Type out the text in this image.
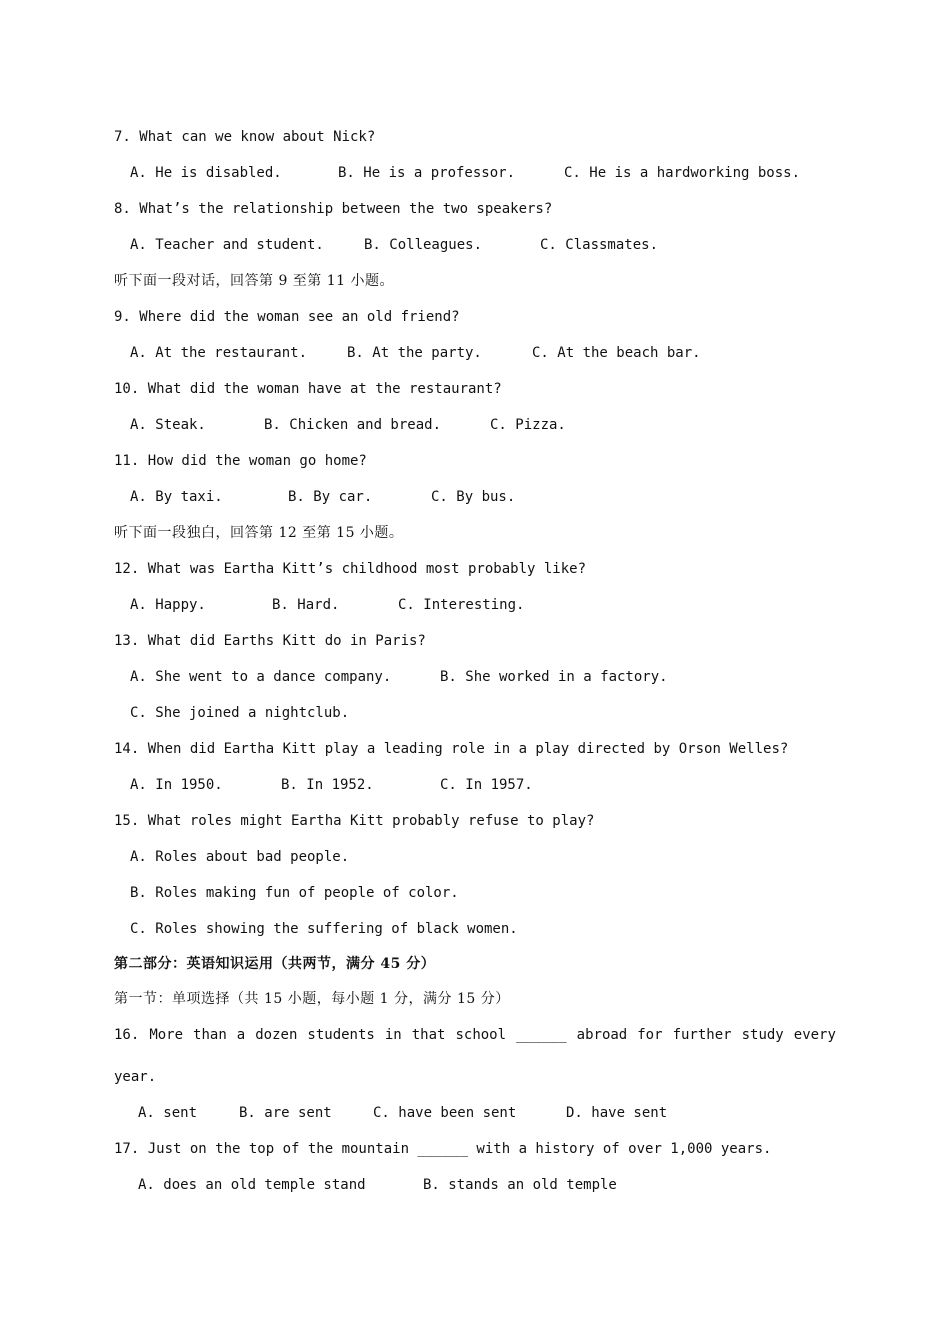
7. What can we know about Nick?
A. He is disabled.	B. He is a professor.	C. He is a hardworking boss.
8. What’s the relationship between the two speakers?
A. Teacher and student.	B. Colleagues.	C. Classmates.
听下面一段对话，回答第 9 至第 11 小题。
9. Where did the woman see an old friend?
A. At the restaurant.	B. At the party.	C. At the beach bar.
10. What did the woman have at the restaurant?
A. Steak.	B. Chicken and bread.	C. Pizza.
11. How did the woman go home?
A. By taxi.	B. By car.	C. By bus.
听下面一段独白，回答第 12 至第 15 小题。
12. What was Eartha Kitt’s childhood most probably like?
A. Happy.	B. Hard.	C. Interesting.
13. What did Earths Kitt do in Paris?
A. She went to a dance company.	B. She worked in a factory.
C. She joined a nightclub.
14. When did Eartha Kitt play a leading role in a play directed by Orson Welles?
A. In 1950.	B. In 1952.	C. In 1957.
15. What roles might Eartha Kitt probably refuse to play?
A. Roles about bad people.
B. Roles making fun of people of color.
C. Roles showing the suffering of black women.
第二部分：英语知识运用（共两节，满分 45 分）
第一节：单项选择（共 15 小题，每小题 1 分，满分 15 分）
16. More than a dozen students in that school ______ abroad for further study every
year.
A. sent	B. are sent	C. have been sent	D. have sent
17. Just on the top of the mountain ______ with a history of over 1,000 years.
A. does an old temple stand	B. stands an old temple
